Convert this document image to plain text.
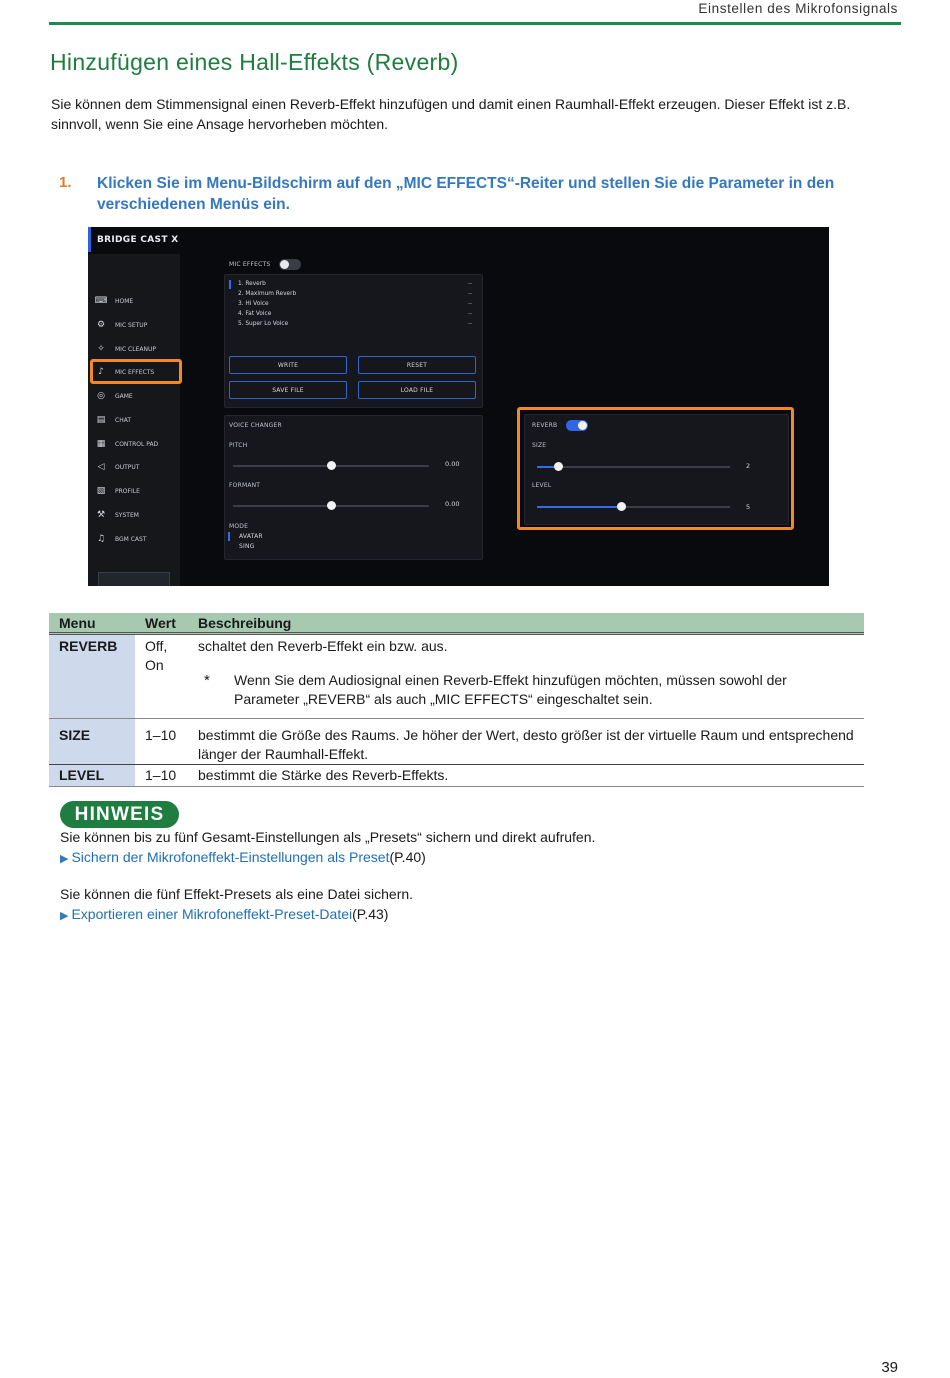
Einstellen des Mikrofonsignals
Hinzufügen eines Hall-Effekts (Reverb)
Sie können dem Stimmensignal einen Reverb-Effekt hinzufügen und damit einen Raumhall-Effekt erzeugen. Dieser Effekt ist z.B. sinnvoll, wenn Sie eine Ansage hervorheben möchten.
1. Klicken Sie im Menu-Bildschirm auf den „MIC EFFECTS“-Reiter und stellen Sie die Parameter in den verschiedenen Menüs ein.
BRIDGE CAST X
⌨ HOME
⚙	MIC SETUP
✧	MIC CLEANUP
♪	MIC EFFECTS
◎	GAME
▤	CHAT
▦	CONTROL PAD
◁	OUTPUT
▧	PROFILE
⚒	SYSTEM
♫	BGM CAST
MIC EFFECTS
1. Reverb
2. Maximum Reverb
3. Hi Voice
4. Fat Voice
5. Super Lo Voice
--
--
--
--
--
WRITE	RESET
SAVE FILE	LOAD FILE
VOICE CHANGER
PITCH
0.00
FORMANT
0.00
MODE
AVATAR
SING
REVERB
SIZE
2
LEVEL
5
Menu	Wert	Beschreibung
REVERB	Off, On	schaltet den Reverb-Effekt ein bzw. aus.
* Wenn Sie dem Audiosignal einen Reverb-Effekt hinzufügen möchten, müssen sowohl der Parameter „REVERB“ als auch „MIC EFFECTS“ eingeschaltet sein.

SIZE	1–10	bestimmt die Größe des Raums. Je höher der Wert, desto größer ist der virtuelle Raum und entsprechend länger der Raumhall-Effekt.
LEVEL	1–10	bestimmt die Stärke des Reverb-Effekts.
HINWEIS
Sie können bis zu fünf Gesamt-Einstellungen als „Presets“ sichern und direkt aufrufen.
▶ Sichern der Mikrofoneffekt-Einstellungen als Preset(P.40)
Sie können die fünf Effekt-Presets als eine Datei sichern.
▶ Exportieren einer Mikrofoneffekt-Preset-Datei(P.43)
39
